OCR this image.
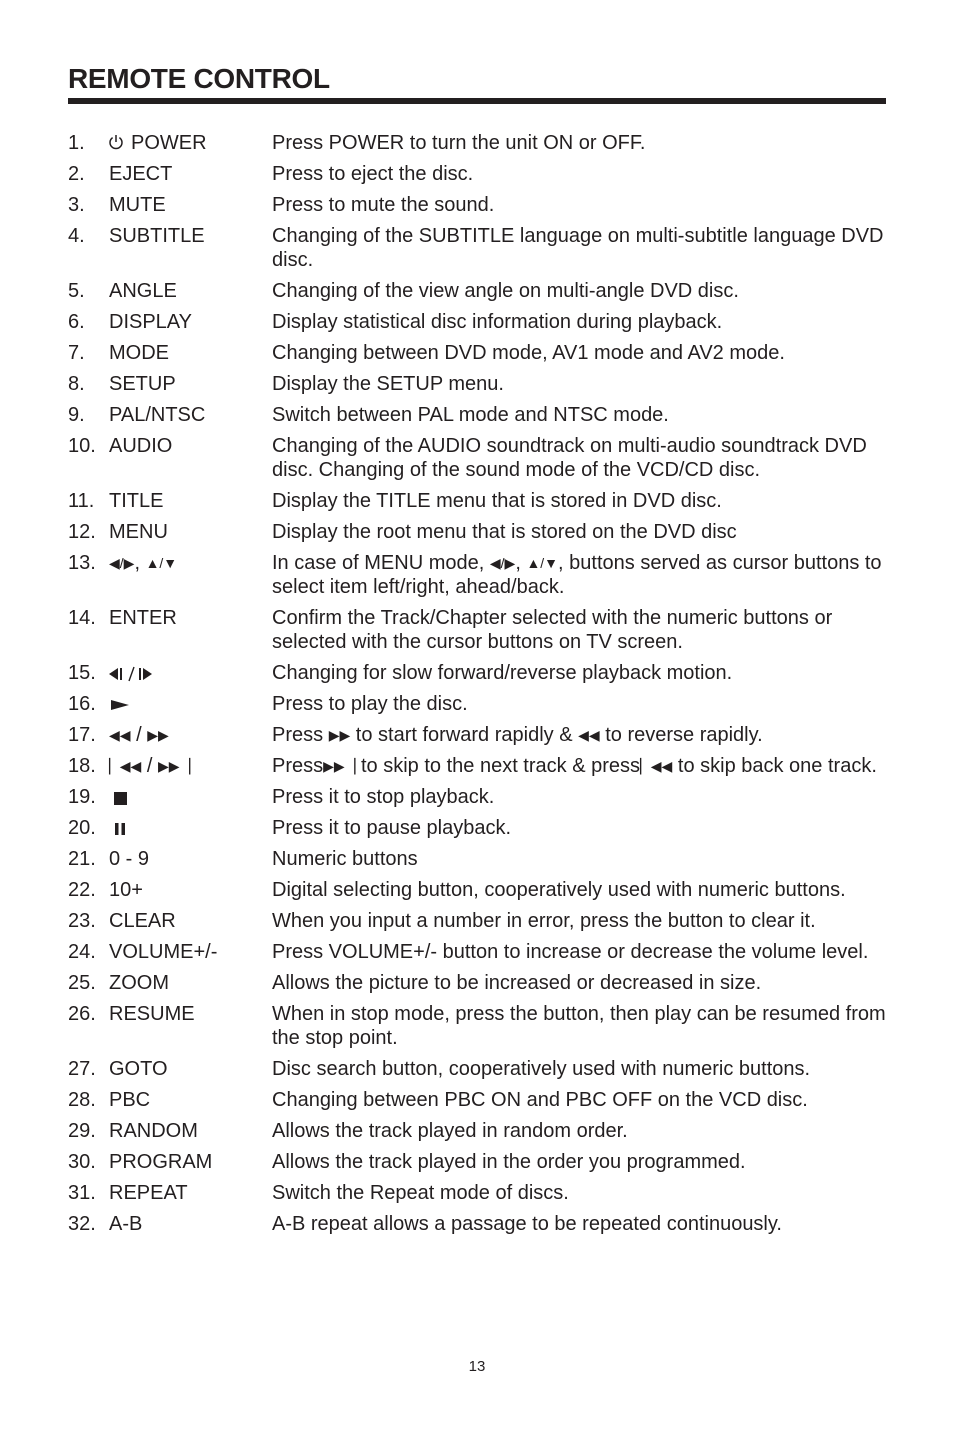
REMOTE CONTROL
1.	POWER	Press POWER to turn the unit ON or OFF.
2.	EJECT	Press to eject the disc.
3.	MUTE	Press to mute the sound.
4.	SUBTITLE	Changing of the SUBTITLE language on multi-subtitle language DVD disc.
5.	ANGLE	Changing of the view angle on multi-angle DVD disc.
6.	DISPLAY	Display statistical disc information during playback.
7.	MODE	Changing between DVD mode, AV1 mode and AV2 mode.
8.	SETUP	Display the SETUP menu.
9.	PAL/NTSC	Switch between PAL mode and NTSC mode.
10. AUDIO	Changing of the AUDIO soundtrack on multi-audio soundtrack DVD disc. Changing of the sound mode of the VCD/CD disc.
11. TITLE	Display the TITLE menu that is stored in DVD disc.
12. MENU	Display the root menu that is stored on the DVD disc
13. ◀/▶, ▲/▼	In case of MENU mode, ◀/▶, ▲/▼, buttons served as cursor buttons to select item left/right, ahead/back.
14. ENTER	Confirm the Track/Chapter selected with the numeric buttons or selected with the cursor buttons on TV screen.
15.	Changing for slow forward/reverse playback motion.
16.	Press to play the disc.
17. ◀◀ / ▶▶	Press ▶▶ to start forward rapidly & ◀◀ to reverse rapidly.
18. ▏◀◀ / ▶▶▕	Press▶▶▕ to skip to the next track & press▏◀◀ to skip back one track.
19.	Press it to stop playback.
20.	Press it to pause playback.
21. 0 - 9	Numeric buttons
22. 10+	Digital selecting button, cooperatively used with numeric buttons.
23. CLEAR	When you input a number in error, press the button to clear it.
24. VOLUME+/-	Press VOLUME+/- button to increase or decrease the volume level.
25. ZOOM	Allows the picture to be increased or decreased in size.
26. RESUME	When in stop mode, press the button, then play can be resumed from the stop point.
27. GOTO	Disc search button, cooperatively used with numeric buttons.
28. PBC	Changing between PBC ON and PBC OFF on the VCD disc.
29. RANDOM	Allows the track played in random order.
30. PROGRAM	Allows the track played in the order you programmed.
31. REPEAT	Switch the Repeat mode of discs.
32. A-B	A-B repeat allows a passage to be repeated continuously.
13
